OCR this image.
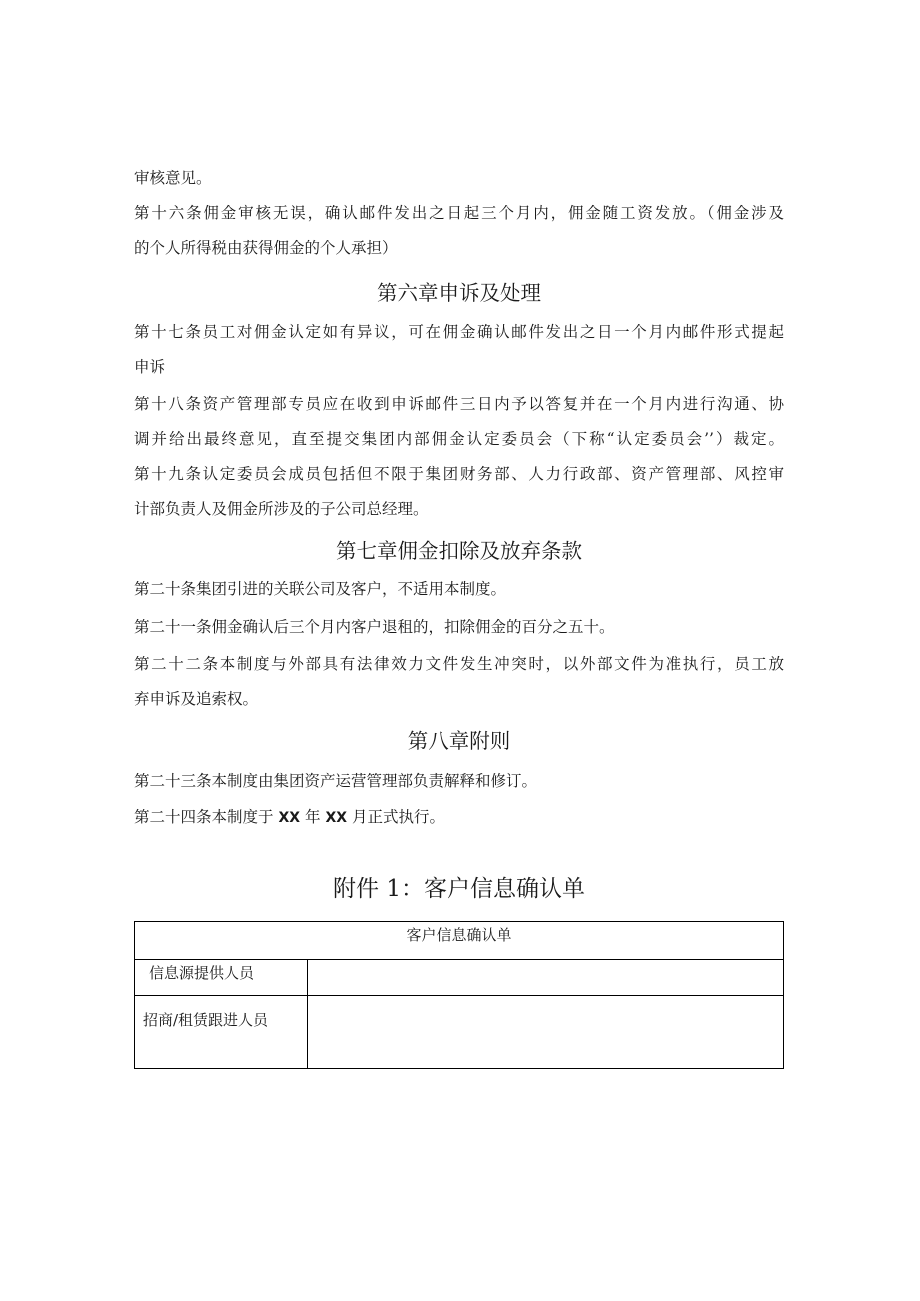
审核意见。
第十六条佣金审核无误，确认邮件发出之日起三个月内，佣金随工资发放。（佣金涉及
的个人所得税由获得佣金的个人承担）
第六章申诉及处理
第十七条员工对佣金认定如有异议，可在佣金确认邮件发出之日一个月内邮件形式提起
申诉
第十八条资产管理部专员应在收到申诉邮件三日内予以答复并在一个月内进行沟通、协
调并给出最终意见，直至提交集团内部佣金认定委员会（下称“认定委员会’’）裁定。
第十九条认定委员会成员包括但不限于集团财务部、人力行政部、资产管理部、风控审
计部负责人及佣金所涉及的子公司总经理。
第七章佣金扣除及放弃条款
第二十条集团引进的关联公司及客户，不适用本制度。
第二十一条佣金确认后三个月内客户退租的，扣除佣金的百分之五十。
第二十二条本制度与外部具有法律效力文件发生冲突时，以外部文件为准执行，员工放
弃申诉及追索权。
第八章附则
第二十三条本制度由集团资产运营管理部负责解释和修订。
第二十四条本制度于 XX 年 XX 月正式执行。
附件 1：客户信息确认单
客户信息确认单	
信息源提供人员	
招商/租赁跟进人员	
